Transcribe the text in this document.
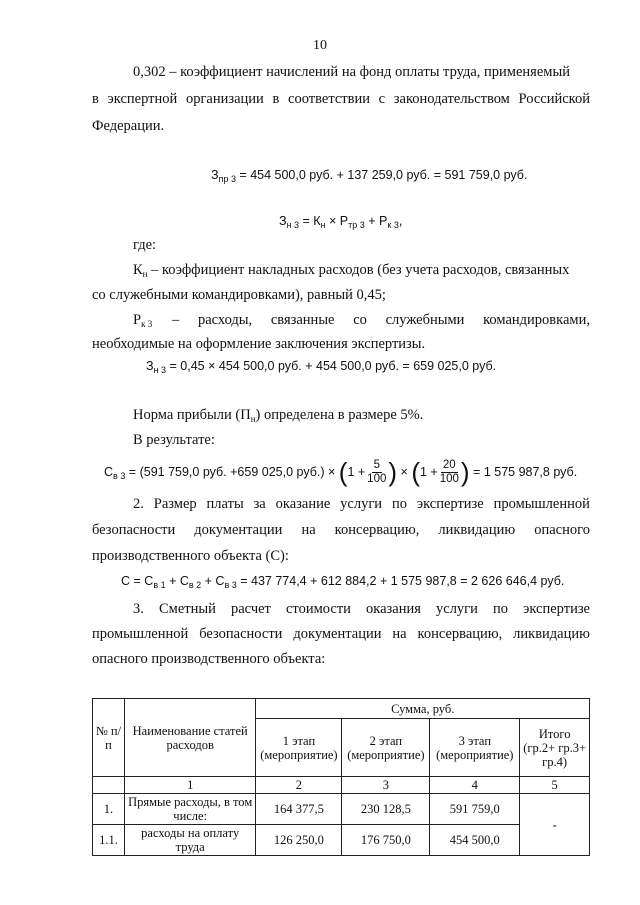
10
0,302 – коэффициент начислений на фонд оплаты труда, применяемый
в экспертной организации в соответствии с законодательством Российской
Федерации.
$З_{пр 3} = 454$ 500,0 руб. + 137 259,0 руб. = 591 759,0 руб.
$З_{н 3} = К_н \times Р_{тр 3} + Р_{к 3}$,
где:
$К_н$ – коэффициент накладных расходов (без учета расходов, связанных
со служебными командировками), равный 0,45;
$Р_{к 3}$ – расходы, связанные со служебными командировками,
необходимые на оформление заключения экспертизы.
$З_{н 3} = 0,45 \times 454$ 500,0 руб. + 454 500,0 руб. = 659 025,0 руб.
Норма прибыли $(П_н)$ определена в размере 5%.
В результате:
$С_{в 3} = (591$ 759,0 руб. +659 025,0 $руб.) \times (1 + \frac{5}{100}$ ) × ($1 + \frac{20}{100}$ ) = 1 575 987,8 руб.
2. Размер платы за оказание услуги по экспертизе промышленной
безопасности документации на консервацию, ликвидацию опасного
производственного объекта (С):
$С = С_{в 1} + С_{в 2} + С_{в 3} = 437$ 774,4 + 612 884,2 + 1 575 987,8 = 2 626 646,4 руб.
3. Сметный расчет стоимости оказания услуги по экспертизе
промышленной безопасности документации на консервацию, ликвидацию
опасного производственного объекта:
№ п/п	Наименование статей расходов	Сумма, руб.			
		1 этап (мероприятие)	2 этап (мероприятие)	3 этап (мероприятие)	Итого (гр.2+ гр.3+ гр.4)
	1	2	3	4	5
1.	Прямые расходы, в том числе:	164 377,5	230 128,5	591 759,0	-
1.1.	расходы на оплату труда	126 250,0	176 750,0	454 500,0	
